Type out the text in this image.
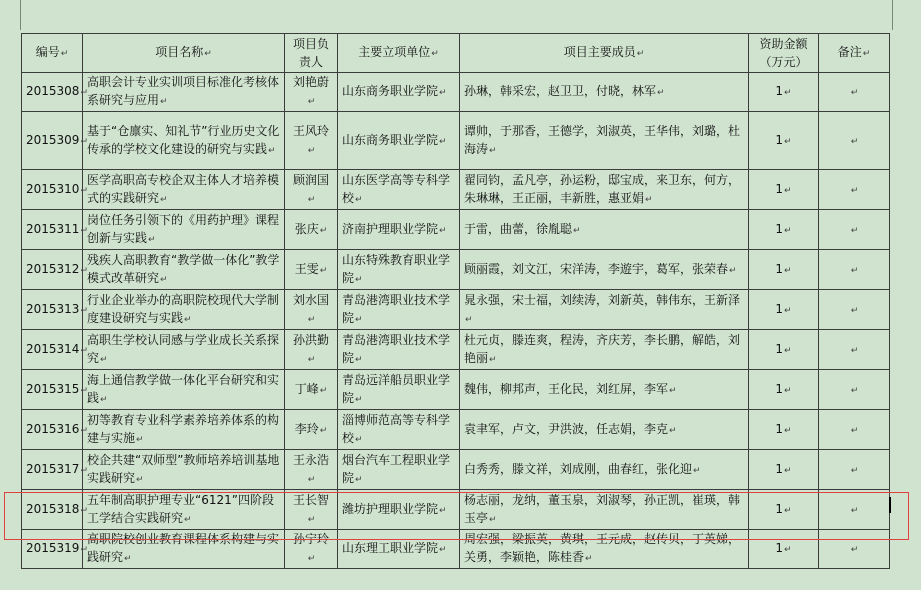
编号↵	项目名称↵	项目负责人	主要立项单位↵	项目主要成员↵	资助金额（万元）	备注↵
2015308↵	高职会计专业实训项目标准化考核体系研究与应用↵	刘艳蔚↵	山东商务职业学院↵	孙琳，韩采宏，赵卫卫，付晓，林军↵	1↵	↵
2015309↵	基于“仓廪实、知礼节”行业历史文化传承的学校文化建设的研究与实践↵	王风玲↵	山东商务职业学院↵	谭帅，于那香，王德学，刘淑英，王华伟，刘璐，杜海涛↵	1↵	↵
2015310↵	医学高职高专校企双主体人才培养模式的实践研究↵	顾润国↵	山东医学高等专科学校↵	翟同钧，孟凡亭，孙运粉，邸宝成，来卫东，何方，朱琳琳，王正丽，丰新胜，惠亚娟↵	1↵	↵
2015311↵	岗位任务引领下的《用药护理》课程创新与实践↵	张庆↵	济南护理职业学院↵	于雷，曲蕾，徐胤聪↵	1↵	↵
2015312↵	残疾人高职教育“教学做一体化”教学模式改革研究↵	王雯↵	山东特殊教育职业学院↵	顾丽霞，刘文江，宋洋涛，李遊宇，葛军，张荣春↵	1↵	↵
2015313↵	行业企业举办的高职院校现代大学制度建设研究与实践↵	刘水国↵	青岛港湾职业技术学院↵	晁永强，宋士福，刘续涛，刘新英，韩伟东，王新泽↵	1↵	↵
2015314↵	高职生学校认同感与学业成长关系探究↵	孙洪勤↵	青岛港湾职业技术学院↵	杜元贞，滕连爽，程涛，齐庆芳，李长鹏，解皓，刘艳丽↵	1↵	↵
2015315↵	海上通信教学做一体化平台研究和实践↵	丁峰↵	青岛远洋船员职业学院↵	魏伟，柳邦声，王化民，刘红屏，李军↵	1↵	↵
2015316↵	初等教育专业科学素养培养体系的构建与实施↵	李玲↵	淄博师范高等专科学校↵	袁聿军，卢文，尹洪波，任志娟，李克↵	1↵	↵
2015317↵	校企共建“双师型”教师培养培训基地实践研究↵	王永浩↵	烟台汽车工程职业学院↵	白秀秀，滕文祥，刘成刚，曲春红，张化迎↵	1↵	↵
2015318↵	五年制高职护理专业“6121”四阶段工学结合实践研究↵	王长智↵	潍坊护理职业学院↵	杨志丽，龙纳，董玉泉，刘淑琴，孙正凯，崔瑛，韩玉亭↵	1↵	↵
2015319↵	高职院校创业教育课程体系构建与实践研究↵	孙宁玲↵	山东理工职业学院↵	周宏强，梁振英，黄琪，王元成，赵传贝，丁英娣，关勇，李颖艳，陈桂香↵	1↵	↵
